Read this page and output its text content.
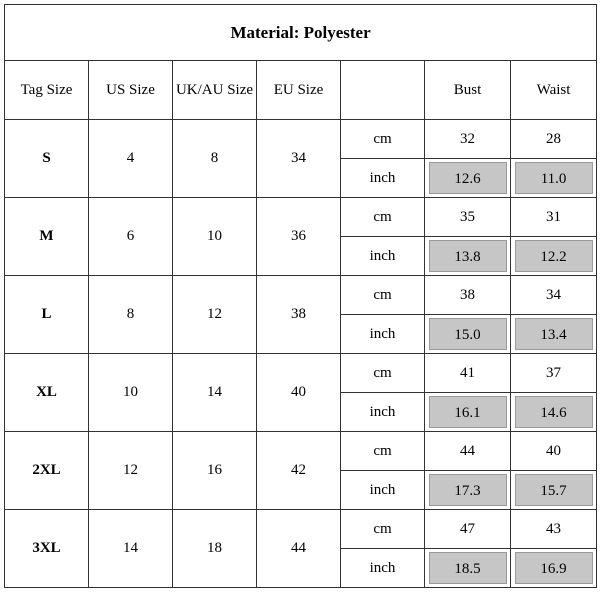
Material: Polyester						
Tag Size	US Size	UK/AU Size	EU Size		Bust	Waist
S	4	8	34	cm	32	28
				inch	12.6	11.0
M	6	10	36	cm	35	31
				inch	13.8	12.2
L	8	12	38	cm	38	34
				inch	15.0	13.4
XL	10	14	40	cm	41	37
				inch	16.1	14.6
2XL	12	16	42	cm	44	40
				inch	17.3	15.7
3XL	14	18	44	cm	47	43
				inch	18.5	16.9
